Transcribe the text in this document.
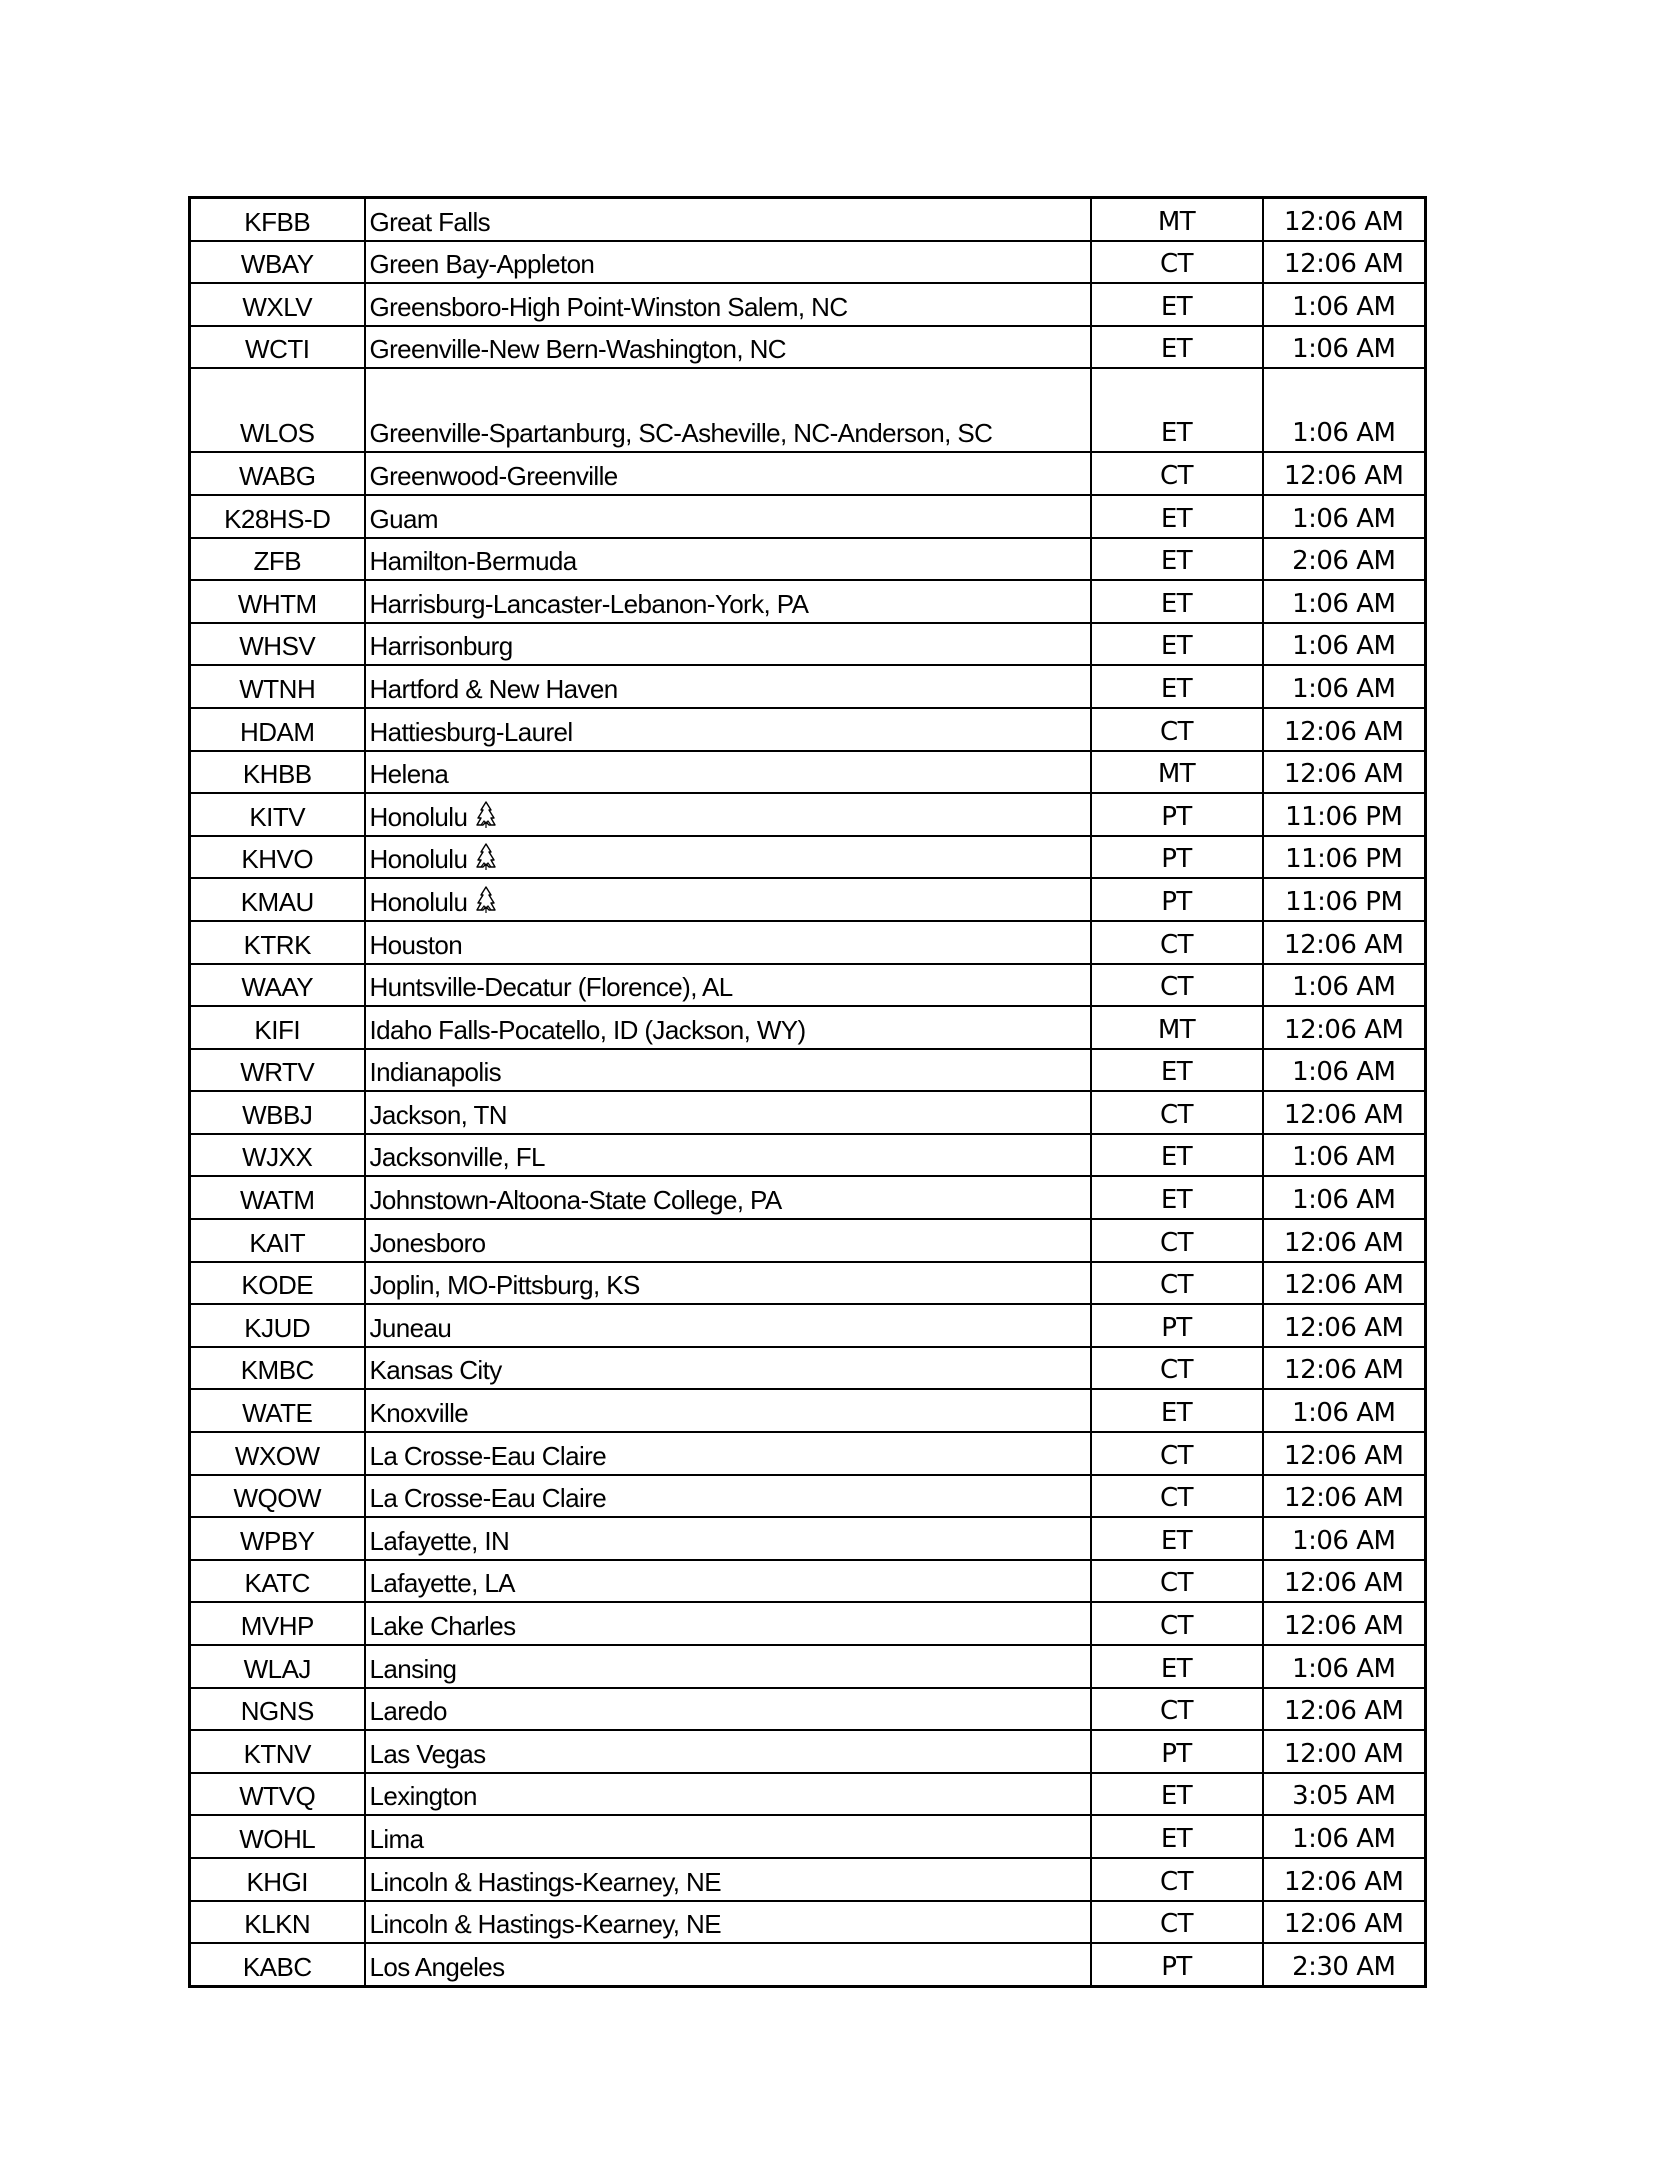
KFBB	Great Falls	MT	12:06 AM
WBAY	Green Bay-Appleton	CT	12:06 AM
WXLV	Greensboro-High Point-Winston Salem, NC	ET	1:06 AM
WCTI	Greenville-New Bern-Washington, NC	ET	1:06 AM
WLOS	Greenville-Spartanburg, SC-Asheville, NC-Anderson, SC	ET	1:06 AM
WABG	Greenwood-Greenville	CT	12:06 AM
K28HS-D	Guam	ET	1:06 AM
ZFB	Hamilton-Bermuda	ET	2:06 AM
WHTM	Harrisburg-Lancaster-Lebanon-York, PA	ET	1:06 AM
WHSV	Harrisonburg	ET	1:06 AM
WTNH	Hartford & New Haven	ET	1:06 AM
HDAM	Hattiesburg-Laurel	CT	12:06 AM
KHBB	Helena	MT	12:06 AM
KITV	Honolulu	PT	11:06 PM
KHVO	Honolulu	PT	11:06 PM
KMAU	Honolulu	PT	11:06 PM
KTRK	Houston	CT	12:06 AM
WAAY	Huntsville-Decatur (Florence), AL	CT	1:06 AM
KIFI	Idaho Falls-Pocatello, ID (Jackson, WY)	MT	12:06 AM
WRTV	Indianapolis	ET	1:06 AM
WBBJ	Jackson, TN	CT	12:06 AM
WJXX	Jacksonville, FL	ET	1:06 AM
WATM	Johnstown-Altoona-State College, PA	ET	1:06 AM
KAIT	Jonesboro	CT	12:06 AM
KODE	Joplin, MO-Pittsburg, KS	CT	12:06 AM
KJUD	Juneau	PT	12:06 AM
KMBC	Kansas City	CT	12:06 AM
WATE	Knoxville	ET	1:06 AM
WXOW	La Crosse-Eau Claire	CT	12:06 AM
WQOW	La Crosse-Eau Claire	CT	12:06 AM
WPBY	Lafayette, IN	ET	1:06 AM
KATC	Lafayette, LA	CT	12:06 AM
MVHP	Lake Charles	CT	12:06 AM
WLAJ	Lansing	ET	1:06 AM
NGNS	Laredo	CT	12:06 AM
KTNV	Las Vegas	PT	12:00 AM
WTVQ	Lexington	ET	3:05 AM
WOHL	Lima	ET	1:06 AM
KHGI	Lincoln & Hastings-Kearney, NE	CT	12:06 AM
KLKN	Lincoln & Hastings-Kearney, NE	CT	12:06 AM
KABC	Los Angeles	PT	2:30 AM
